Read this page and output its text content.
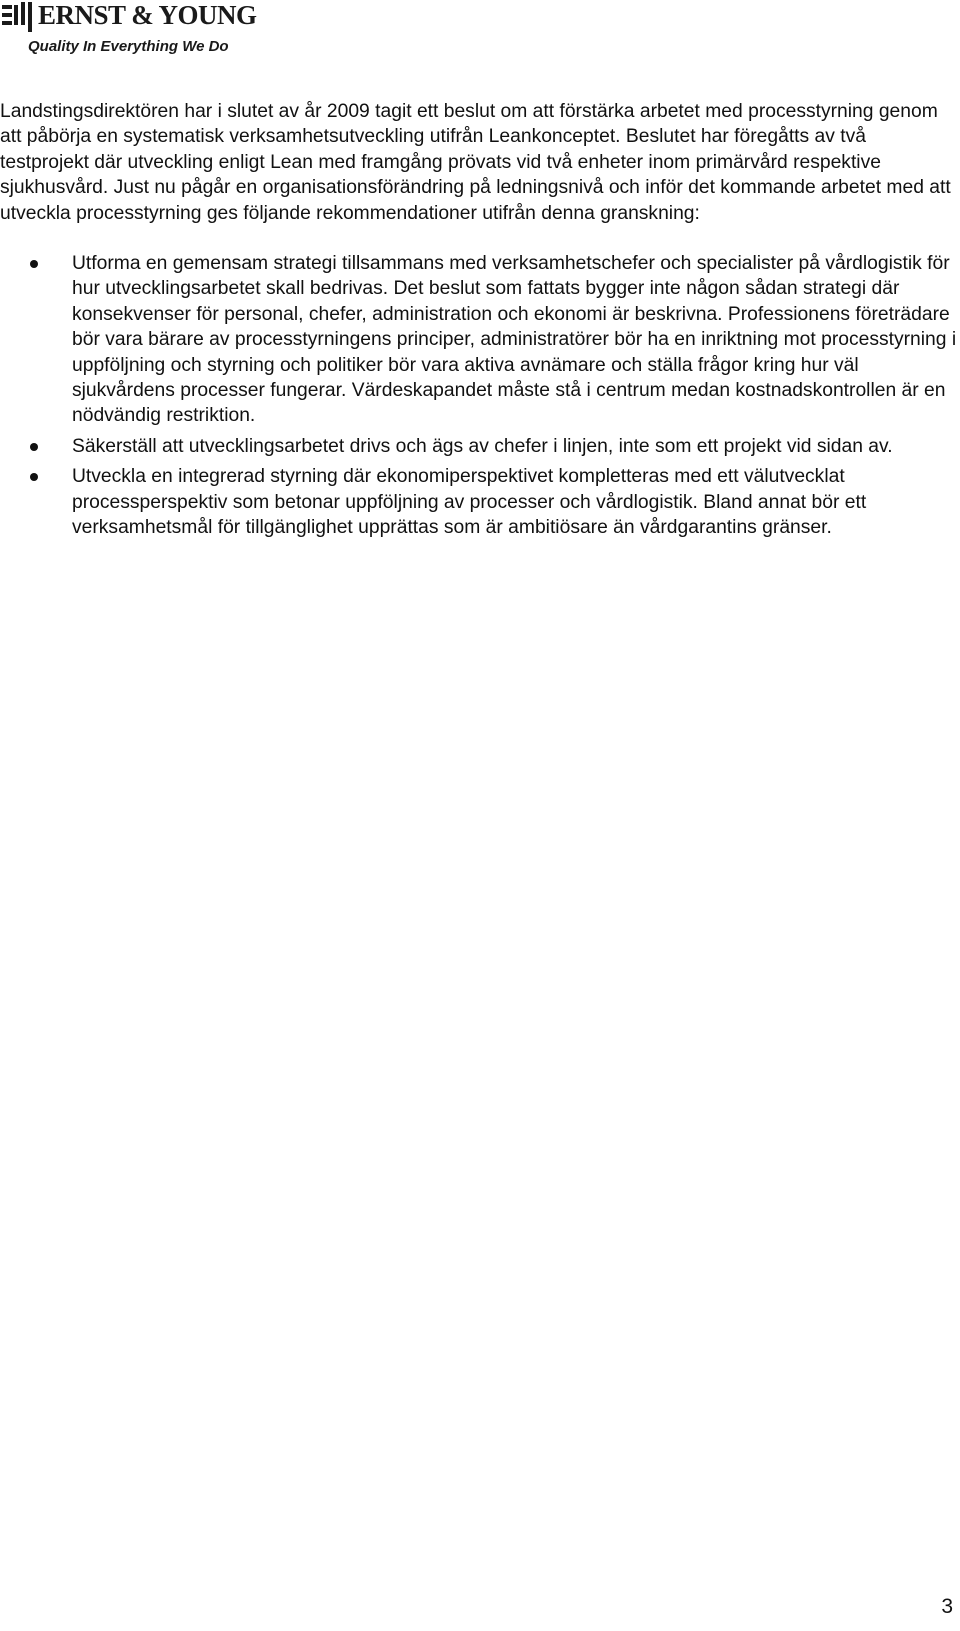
ERNST & YOUNG
Quality In Everything We Do

Landstingsdirektören har i slutet av år 2009 tagit ett beslut om att förstärka arbetet med processtyrning genom att påbörja en systematisk verksamhetsutveckling utifrån Leankonceptet. Beslutet har föregåtts av två testprojekt där utveckling enligt Lean med framgång prövats vid två enheter inom primärvård respektive sjukhusvård. Just nu pågår en organisationsförändring på ledningsnivå och inför det kommande arbetet med att utveckla processtyrning ges följande rekommendationer utifrån denna granskning:

Utforma en gemensam strategi tillsammans med verksamhetschefer och specialister på vårdlogistik för hur utvecklingsarbetet skall bedrivas. Det beslut som fattats bygger inte någon sådan strategi där konsekvenser för personal, chefer, administration och ekonomi är beskrivna. Professionens företrädare bör vara bärare av processtyrningens principer, administratörer bör ha en inriktning mot processtyrning i uppföljning och styrning och politiker bör vara aktiva avnämare och ställa frågor kring hur väl sjukvårdens processer fungerar. Värdeskapandet måste stå i centrum medan kostnadskontrollen är en nödvändig restriktion.
Säkerställ att utvecklingsarbetet drivs och ägs av chefer i linjen, inte som ett projekt vid sidan av.
Utveckla en integrerad styrning där ekonomiperspektivet kompletteras med ett välutvecklat processperspektiv som betonar uppföljning av processer och vårdlogistik. Bland annat bör ett verksamhetsmål för tillgänglighet upprättas som är ambitiösare än vårdgarantins gränser.
3
